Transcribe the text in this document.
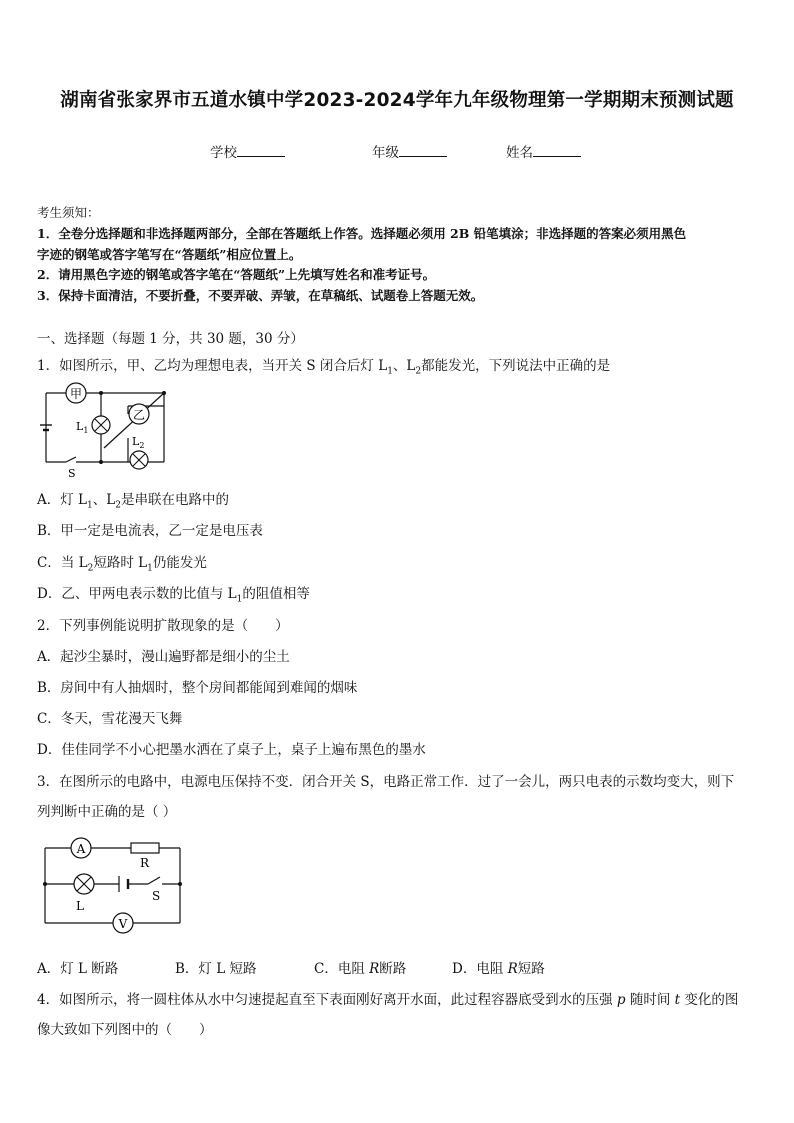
湖南省张家界市五道水镇中学2023-2024学年九年级物理第一学期期末预测试题
学校	年级	姓名
考生须知：
1．全卷分选择题和非选择题两部分，全部在答题纸上作答。选择题必须用 2B 铅笔填涂；非选择题的答案必须用黑色
字迹的钢笔或答字笔写在“答题纸”相应位置上。
2．请用黑色字迹的钢笔或答字笔在“答题纸”上先填写姓名和准考证号。
3．保持卡面清洁，不要折叠，不要弄破、弄皱，在草稿纸、试题卷上答题无效。
一、选择题（每题 1 分，共 30 题，30 分）
1．如图所示，甲、乙均为理想电表，当开关 S 闭合后灯 $L_1$、$L_2$都能发光，下列说法中正确的是
甲
乙
$L_1$
$L_2$
S
A．灯 $L_1$、$L_2$是串联在电路中的
B．甲一定是电流表，乙一定是电压表
C．当 $L_2$短路时 $L_1$仍能发光
D．乙、甲两电表示数的比值与 $L_1$的阻值相等
2．下列事例能说明扩散现象的是（　　）
A．起沙尘暴时，漫山遍野都是细小的尘土
B．房间中有人抽烟时，整个房间都能闻到难闻的烟味
C．冬天，雪花漫天飞舞
D．佳佳同学不小心把墨水洒在了桌子上，桌子上遍布黑色的墨水
3．在图所示的电路中，电源电压保持不变．闭合开关 S，电路正常工作．过了一会儿，两只电表的示数均变大，则下
列判断中正确的是（ ）
A
V
R
L
S
A．灯 L 断路	B．灯 L 短路	C．电阻 R断路	D．电阻 R短路
4．如图所示，将一圆柱体从水中匀速提起直至下表面刚好离开水面，此过程容器底受到水的压强 p 随时间 t 变化的图
像大致如下列图中的（　　）
